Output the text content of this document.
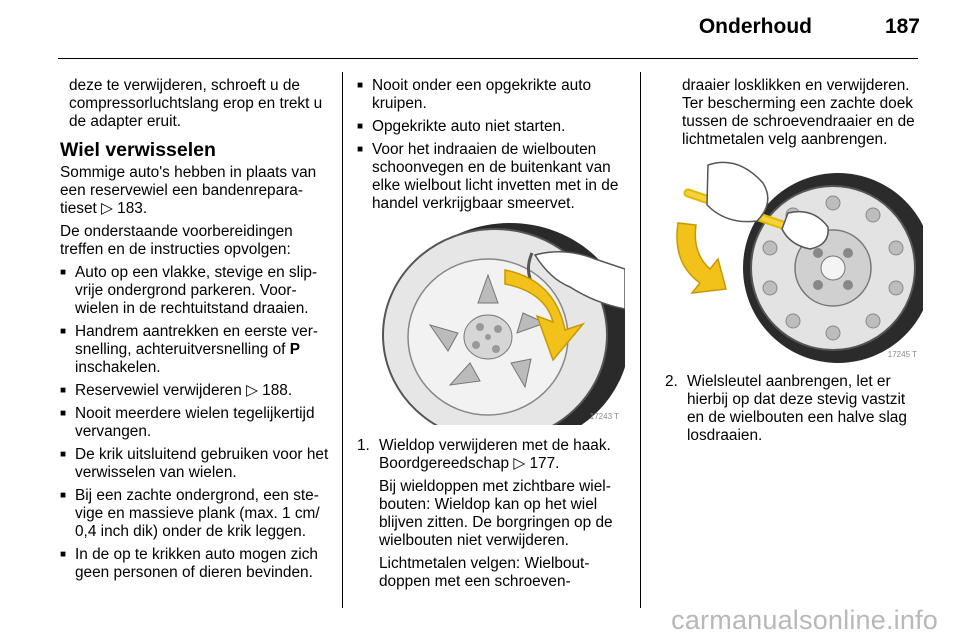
Onderhoud	187

deze te verwijderen, schroeft u de compressorluchtslang erop en trekt u de adapter eruit.

Wiel verwisselen

Sommige auto's hebben in plaats van een reservewiel een bandenrepara-tieset ▷ 183.

De onderstaande voorbereidingen treffen en de instructies opvolgen:

■ Auto op een vlakke, stevige en slip-vrije ondergrond parkeren. Voor-wielen in de rechtuitstand draaien.
■ Handrem aantrekken en eerste ver-snelling, achteruitversnelling of P inschakelen.
■ Reservewiel verwijderen ▷ 188.
■ Nooit meerdere wielen tegelijkertijd vervangen.
■ De krik uitsluitend gebruiken voor het verwisselen van wielen.
■ Bij een zachte ondergrond, een ste-vige en massieve plank (max. 1 cm/ 0,4 inch dik) onder de krik leggen.
■ In de op te krikken auto mogen zich geen personen of dieren bevinden.
■ Nooit onder een opgekrikte auto kruipen.
■ Opgekrikte auto niet starten.
■ Voor het indraaien de wielbouten schoonvegen en de buitenkant van elke wielbout licht invetten met in de handel verkrijgbaar smeervet.
17243 T
1. Wieldop verwijderen met de haak. Boordgereedschap ▷ 177.

Bij wieldoppen met zichtbare wiel-bouten: Wieldop kan op het wiel blijven zitten. De borgringen op de wielbouten niet verwijderen.

Lichtmetalen velgen: Wielbout-doppen met een schroeven-

draaier losklikken en verwijderen. Ter bescherming een zachte doek tussen de schroevendraaier en de lichtmetalen velg aanbrengen.

17245 T
2. Wielsleutel aanbrengen, let er hierbij op dat deze stevig vastzit en de wielbouten een halve slag losdraaien.
carmanualsonline.info
